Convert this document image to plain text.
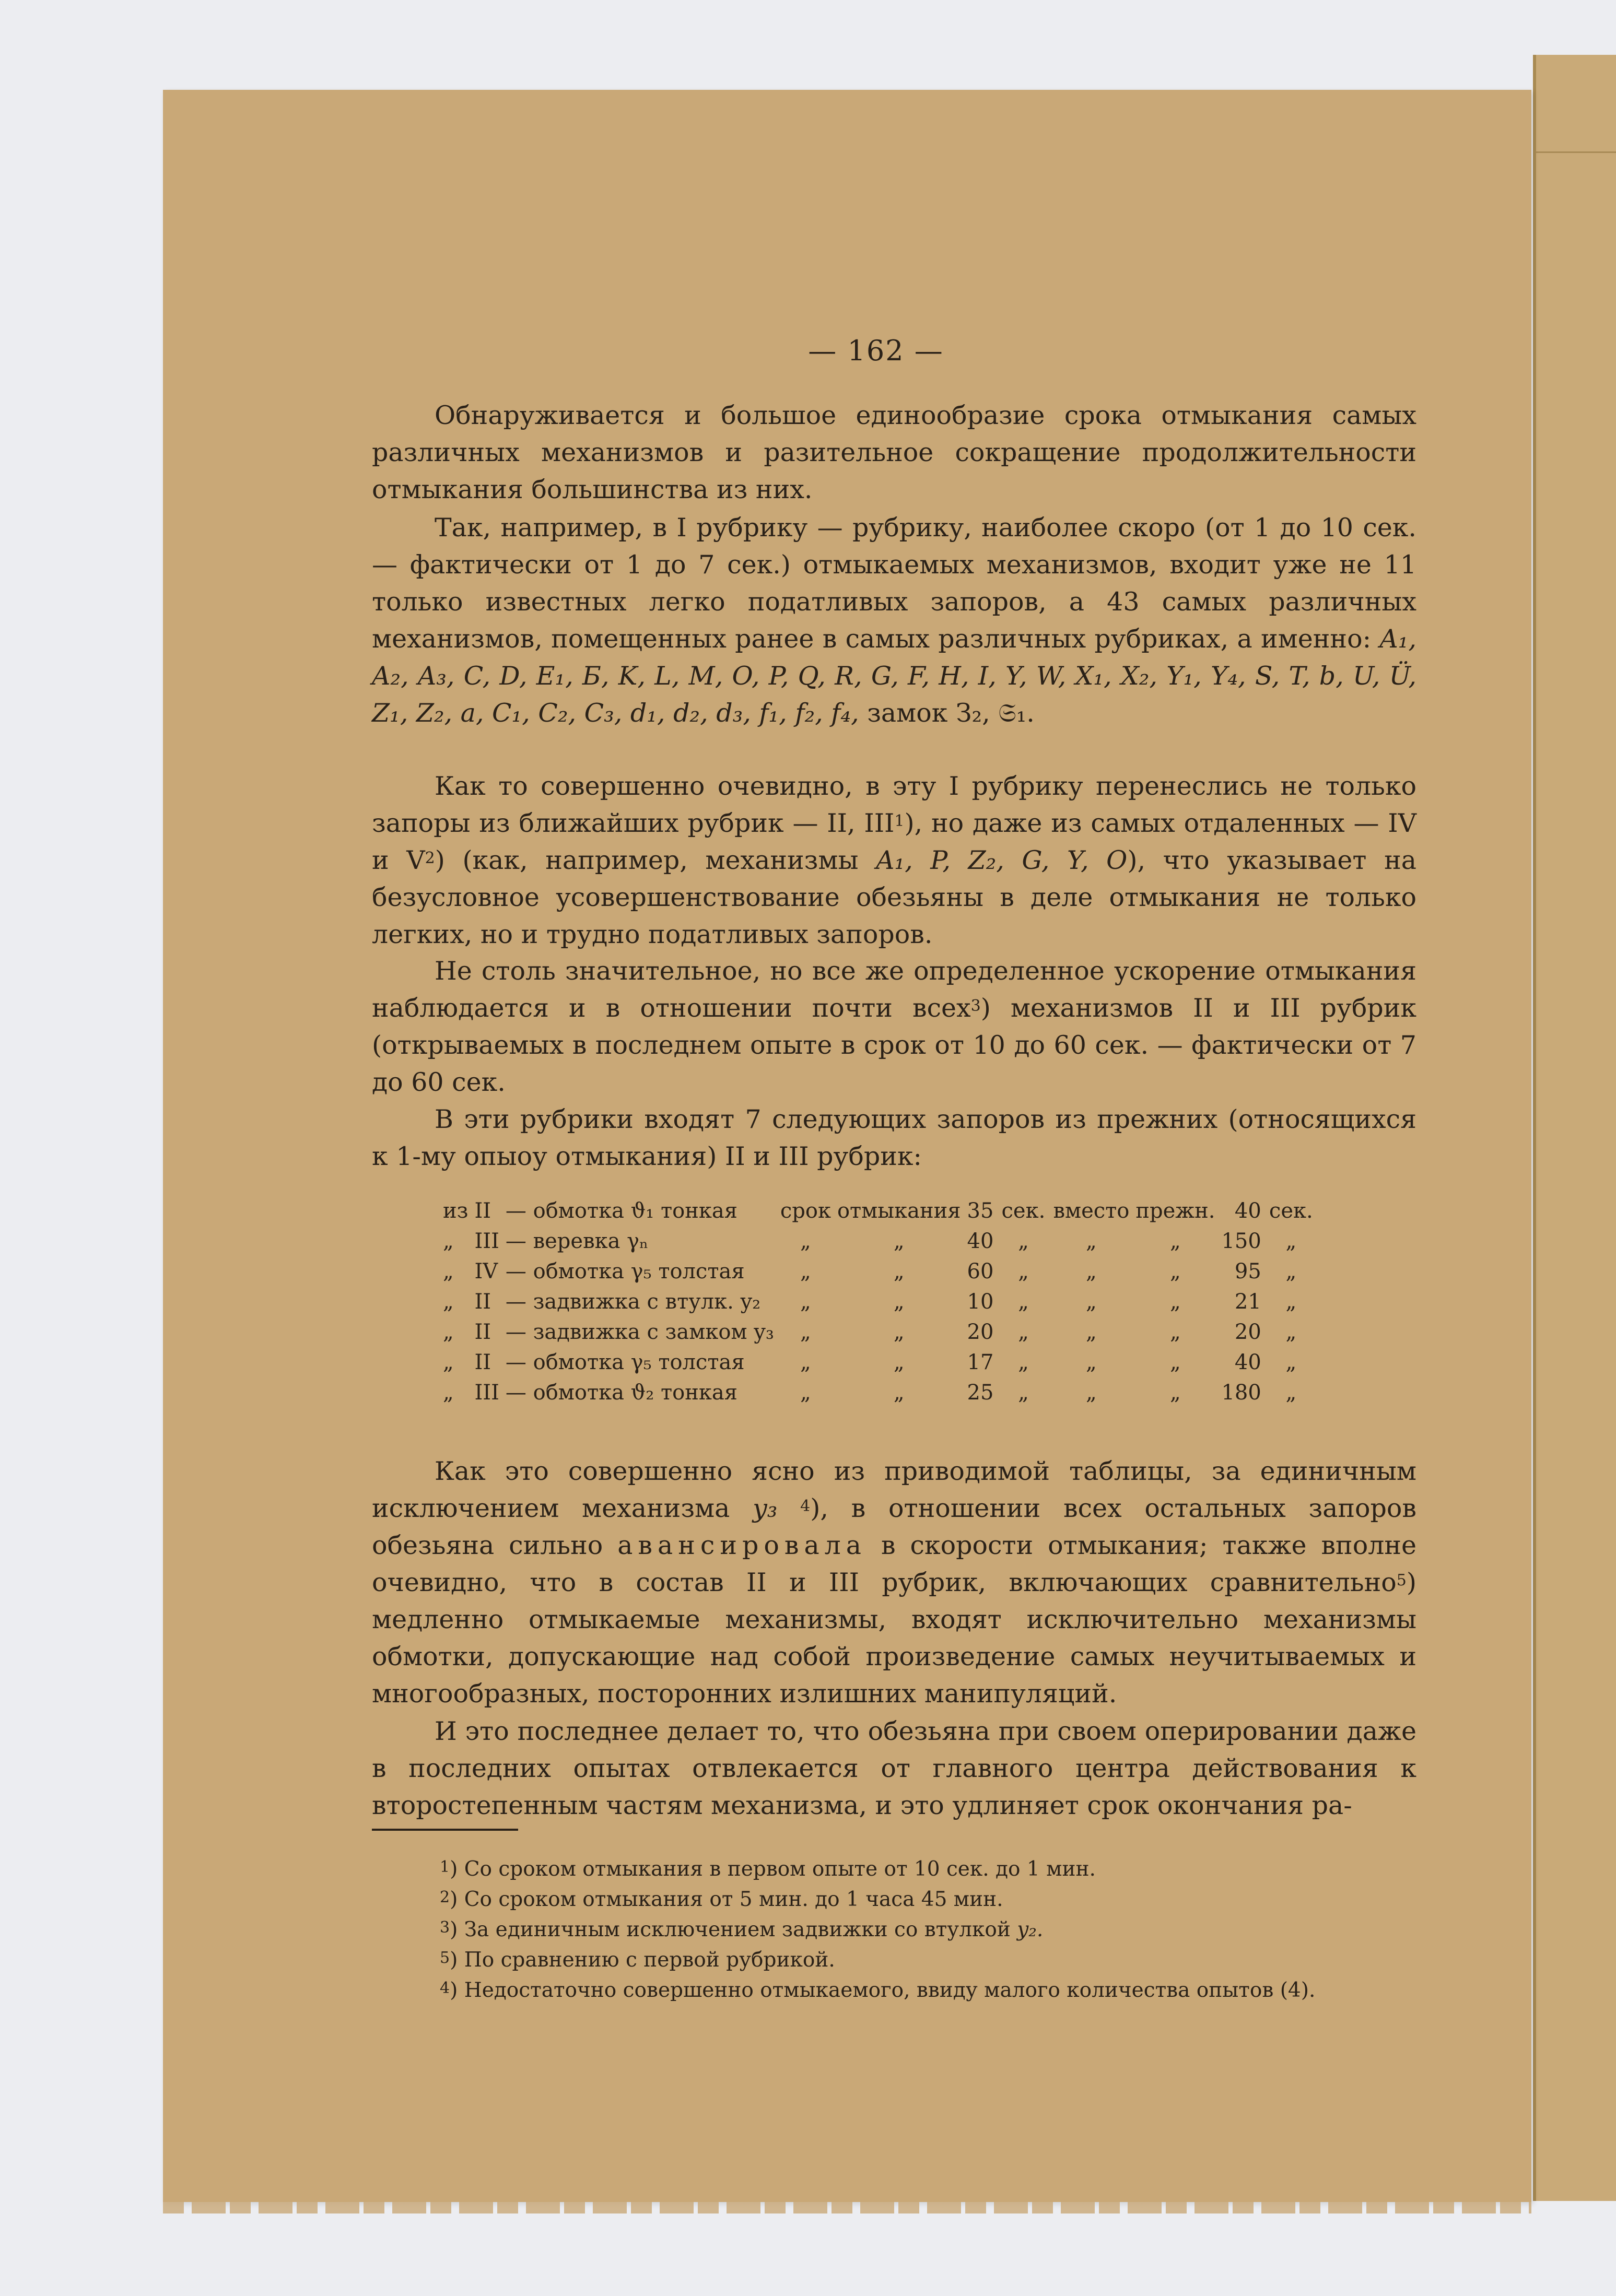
— 162 —
Обнаруживается и большое единообразие срока отмыкания самых различных механизмов и разительное сокращение продолжительности отмыкания большинства из них.
Так, например, в I рубрику — рубрику, наиболее скоро (от 1 до 10 сек. — фактически от 1 до 7 сек.) отмыкаемых механизмов, входит уже не 11 только известных легко податливых запоров, а 43 самых различных механизмов, помещенных ранее в самых различных рубриках, а именно: A₁, A₂, A₃, C, D, E₁, Б, K, L, M, O, P, Q, R, G, F, H, I, Y, W, X₁, X₂, Y₁, Y₄, S, T, b, U, Ü, Z₁, Z₂, a, C₁, C₂, C₃, d₁, d₂, d₃, f₁, f₂, f₄, замок З₂, 𝔖₁.
Как то совершенно очевидно, в эту I рубрику перенеслись не только запоры из ближайших рубрик — II, III$^1$), но даже из самых отдаленных — IV и $V^2$) (как, например, механизмы A₁, P, Z₂, G, Y, O), что указывает на безусловное усовершенствование обезьяны в деле отмыкания не только легких, но и трудно податливых запоров.
Не столь значительное, но все же определенное ускорение отмыкания наблюдается и в отношении почти всех$^3$) механизмов II и III рубрик (открываемых в последнем опыте в срок от 10 до 60 сек. — фактически от 7 до 60 сек.
В эти рубрики входят 7 следующих запоров из прежних (относящихся к 1-му опыоу отмыкания) II и III рубрик:
из	II	— обмотка ϑ₁ тонкая	срок	отмыкания	35	сек.	вместо	прежн.	40	сек.
„	III	— веревка γₙ	„	„	40	„	„	„	150	„
„	IV	— обмотка γ₅ толстая	„	„	60	„	„	„	95	„
„	II	— задвижка с втулк. y₂	„	„	10	„	„	„	21	„
„	II	— задвижка с замком y₃	„	„	20	„	„	„	20	„
„	II	— обмотка γ₅ толстая	„	„	17	„	„	„	40	„
„	III	— обмотка ϑ₂ тонкая	„	„	25	„	„	„	180	„
Как это совершенно ясно из приводимой таблицы, за единичным исключением механизма y₃ $^4$), в отношении всех остальных запоров обезьяна сильно авансировала в скорости отмыкания; также вполне очевидно, что в состав II и III рубрик, включающих сравнительно$^5$) медленно отмыкаемые механизмы, входят исключительно механизмы обмотки, допускающие над собой произведение самых неучитываемых и многообразных, посторонних излишних манипуляций.
И это последнее делает то, что обезьяна при своем оперировании даже в последних опытах отвлекается от главного центра действования к второстепенным частям механизма, и это удлиняет срок окончания ра-
$^1$) Со сроком отмыкания в первом опыте от 10 сек. до 1 мин.
$^2$) Со сроком отмыкания от 5 мин. до 1 часа 45 мин.
$^3$) За единичным исключением задвижки со втулкой y₂.
$^5$) По сравнению с первой рубрикой.
$^4$) Недостаточно совершенно отмыкаемого, ввиду малого количества опытов (4).
